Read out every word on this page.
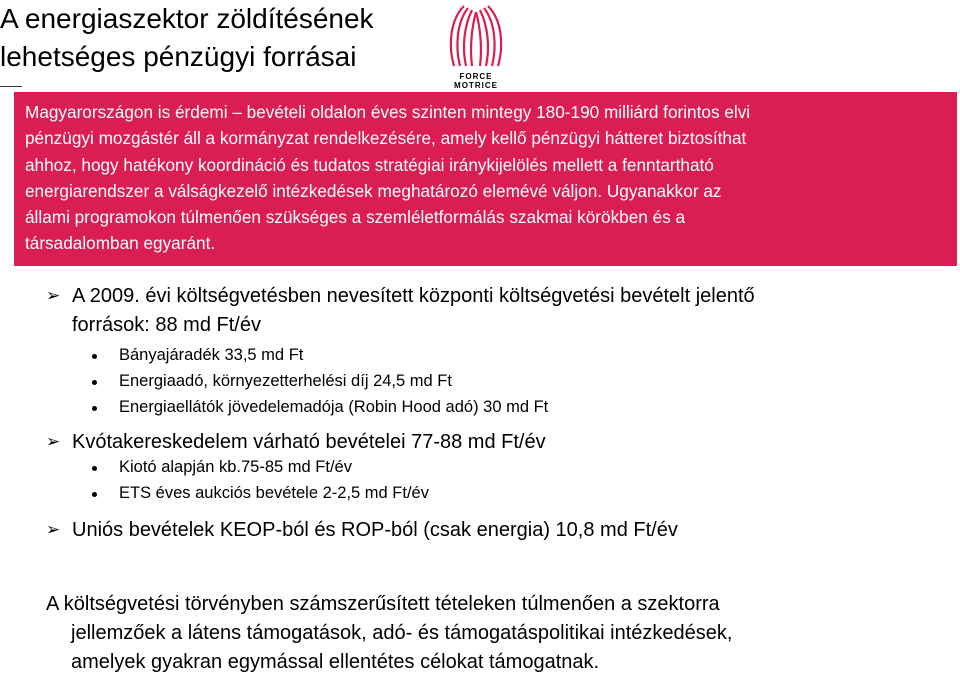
A energiaszektor zöldítésének
lehetséges pénzügyi forrásai
FORCE
MOTRICE

Magyarországon is érdemi – bevételi oldalon éves szinten mintegy 180-190 milliárd forintos elvi

pénzügyi mozgástér áll a kormányzat rendelkezésére, amely kellő pénzügyi hátteret biztosíthat

ahhoz, hogy hatékony koordináció és tudatos stratégiai iránykijelölés mellett a fenntartható

energiarendszer a válságkezelő intézkedések meghatározó elemévé váljon. Ugyanakkor az

állami programokon túlmenően szükséges a szemléletformálás szakmai körökben és a

társadalomban egyaránt.

➢ A 2009. évi költségvetésben nevesített központi költségvetési bevételt jelentő
források: 88 md Ft/év
Bányajáradék 33,5 md Ft
Energiaadó, környezetterhelési díj 24,5 md Ft
Energiaellátók jövedelemadója (Robin Hood adó) 30 md Ft
➢ Kvótakereskedelem várható bevételei 77-88 md Ft/év
Kiotó alapján kb.75-85 md Ft/év
ETS éves aukciós bevétele 2-2,5 md Ft/év
➢ Uniós bevételek KEOP-ból és ROP-ból (csak energia) 10,8 md Ft/év
A költségvetési törvényben számszerűsített tételeken túlmenően a szektorra
jellemzőek a látens támogatások, adó- és támogatáspolitikai intézkedések,
amelyek gyakran egymással ellentétes célokat támogatnak.
